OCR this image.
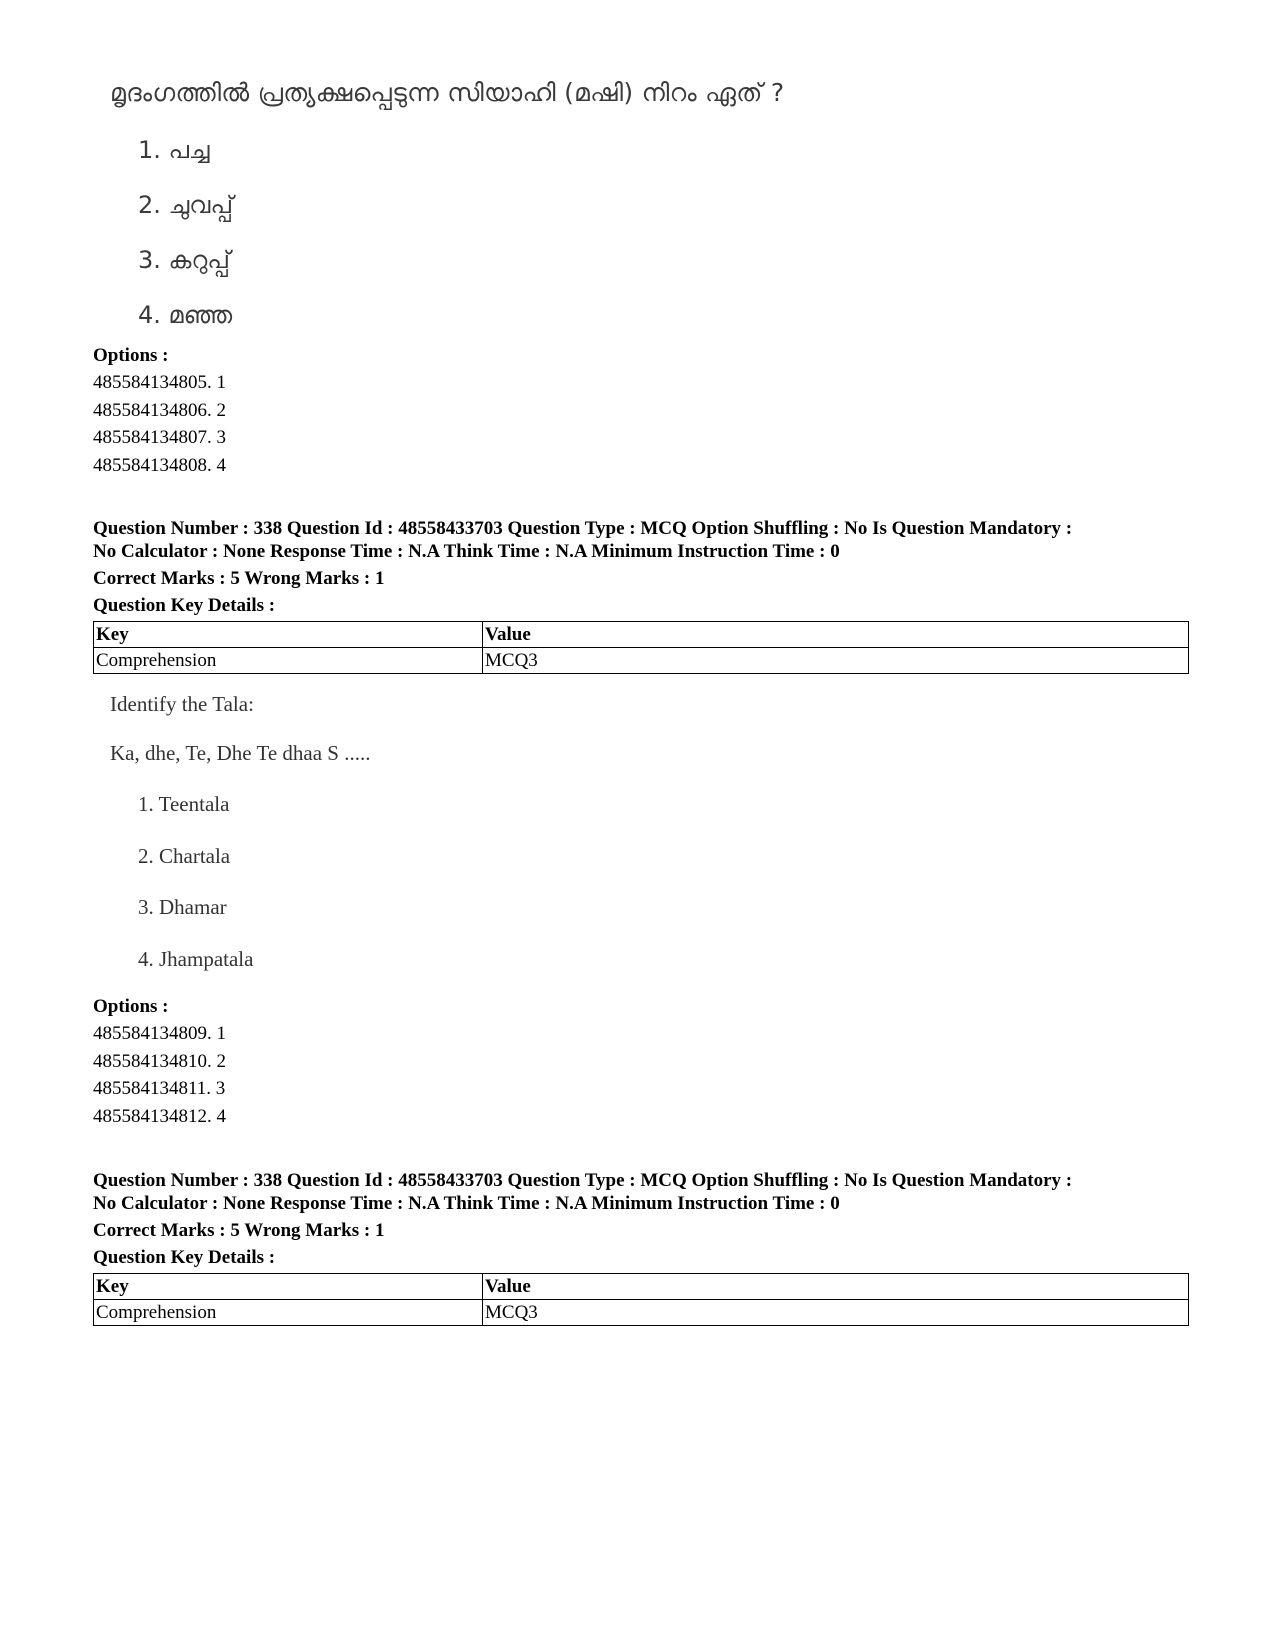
മൃദംഗത്തിൽ പ്രത്യക്ഷപ്പെടുന്ന സിയാഹി (മഷി) നിറം ഏത് ?
1. പച്ച
2. ചുവപ്പ്
3. കറുപ്പ്
4. മഞ്ഞ
Options :
485584134805. 1
485584134806. 2
485584134807. 3
485584134808. 4
Question Number : 338 Question Id : 48558433703 Question Type : MCQ Option Shuffling : No Is Question Mandatory :
No Calculator : None Response Time : N.A Think Time : N.A Minimum Instruction Time : 0
Correct Marks : 5 Wrong Marks : 1
Question Key Details :
Key	Value
Comprehension	MCQ3
Identify the Tala:
Ka, dhe, Te, Dhe Te dhaa S .....
1. Teentala
2. Chartala
3. Dhamar
4. Jhampatala
Options :
485584134809. 1
485584134810. 2
485584134811. 3
485584134812. 4
Question Number : 338 Question Id : 48558433703 Question Type : MCQ Option Shuffling : No Is Question Mandatory :
No Calculator : None Response Time : N.A Think Time : N.A Minimum Instruction Time : 0
Correct Marks : 5 Wrong Marks : 1
Question Key Details :
Key	Value
Comprehension	MCQ3
